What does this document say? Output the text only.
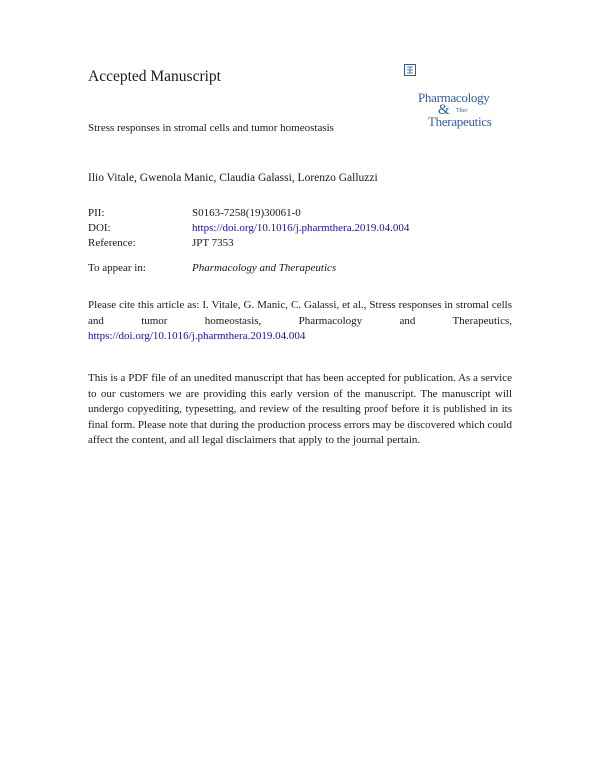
Accepted Manuscript
Pharmacology
& Ther
Therapeutics
Stress responses in stromal cells and tumor homeostasis
Ilio Vitale, Gwenola Manic, Claudia Galassi, Lorenzo Galluzzi
PII:	S0163-7258(19)30061-0
DOI:	https://doi.org/10.1016/j.pharmthera.2019.04.004
Reference:	JPT 7353
To appear in:	Pharmacology and Therapeutics
Please cite this article as: I. Vitale, G. Manic, C. Galassi, et al., Stress responses in stromal cells and tumor homeostasis, Pharmacology and Therapeutics, https://doi.org/10.1016/j.pharmthera.2019.04.004
This is a PDF file of an unedited manuscript that has been accepted for publication. As a service to our customers we are providing this early version of the manuscript. The manuscript will undergo copyediting, typesetting, and review of the resulting proof before it is published in its final form. Please note that during the production process errors may be discovered which could affect the content, and all legal disclaimers that apply to the journal pertain.
